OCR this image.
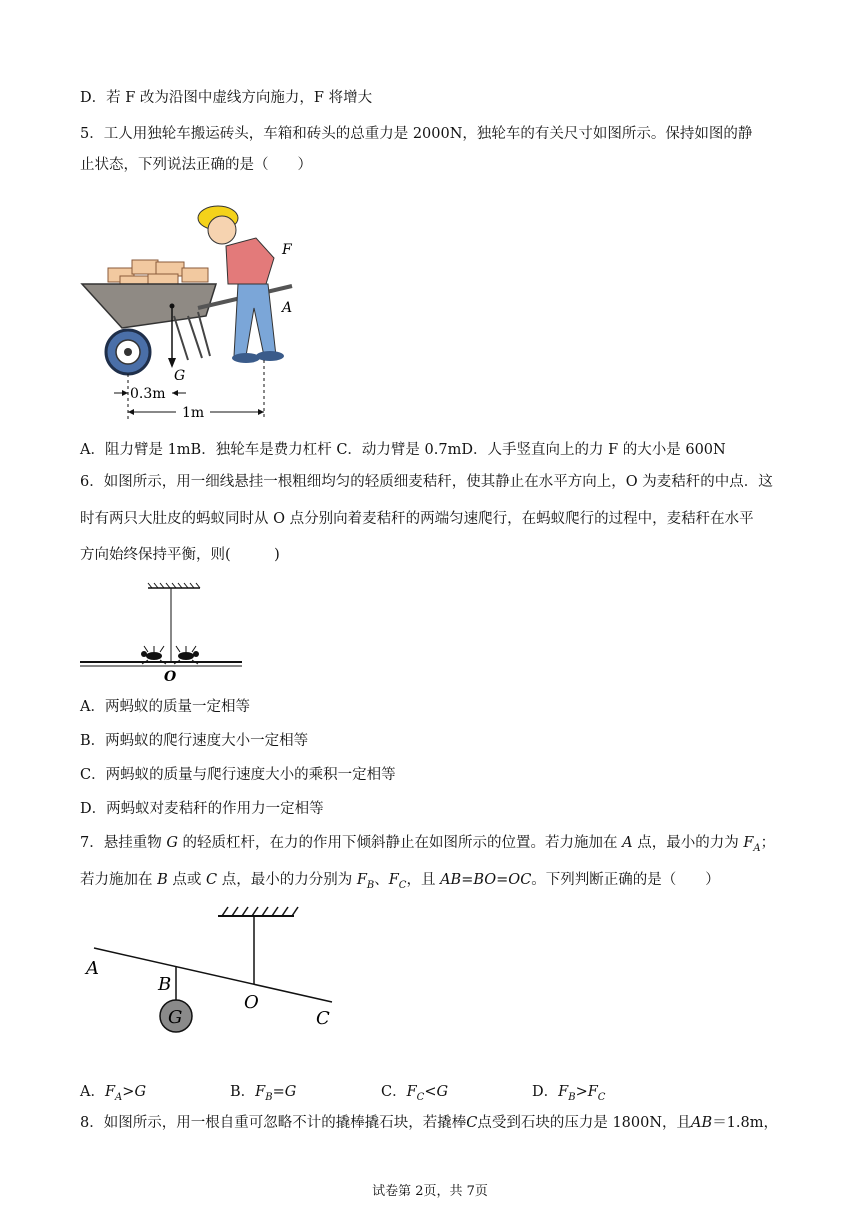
D．若 F 改为沿图中虚线方向施力，F 将增大
5．工人用独轮车搬运砖头，车箱和砖头的总重力是 2000N，独轮车的有关尺寸如图所示。保持如图的静
止状态，下列说法正确的是（　　）
G
F
A
0.3m
1m
A．阻力臂是 1mB．独轮车是费力杠杆 C．动力臂是 0.7mD．人手竖直向上的力 F 的大小是 600N
6．如图所示，用一细线悬挂一根粗细均匀的轻质细麦秸秆，使其静止在水平方向上，O 为麦秸秆的中点．这
时有两只大肚皮的蚂蚁同时从 O 点分别向着麦秸秆的两端匀速爬行，在蚂蚁爬行的过程中，麦秸秆在水平
方向始终保持平衡，则(　　　)
O
A．两蚂蚁的质量一定相等
B．两蚂蚁的爬行速度大小一定相等
C．两蚂蚁的质量与爬行速度大小的乘积一定相等
D．两蚂蚁对麦秸秆的作用力一定相等
7．悬挂重物 G 的轻质杠杆，在力的作用下倾斜静止在如图所示的位置。若力施加在 A 点，最小的力为 $F_A$；
若力施加在 B 点或 C 点，最小的力分别为 $F_B$、$F_C$，且 AB=BO=OC。下列判断正确的是（　　）
G
A
B
O
C
A．$F_A>G$	B．$F_B=G$	C．$F_C<G$	D．$F_B>F_C$
8．如图所示，用一根自重可忽略不计的撬棒撬石块，若撬棒C点受到石块的压力是 1800N，且AB＝1.8m，
试卷第 2页，共 7页
